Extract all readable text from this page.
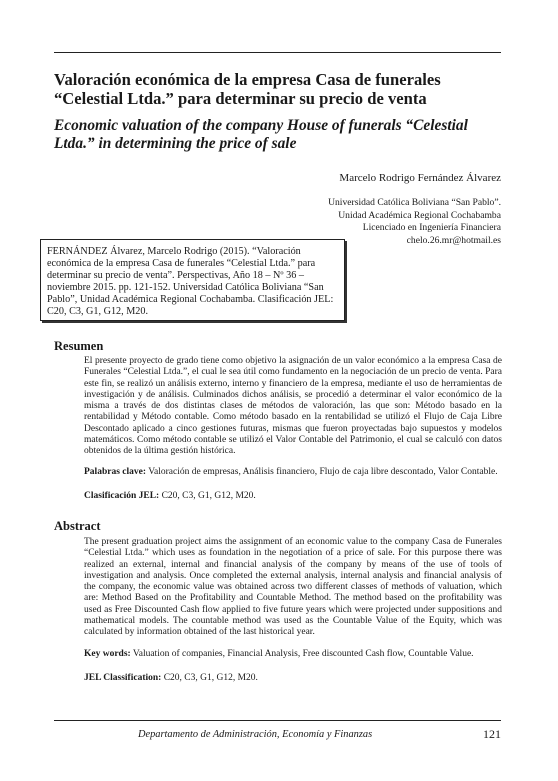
Valoración económica de la empresa Casa de funerales “Celestial Ltda.” para determinar su precio de venta
Economic valuation of the company House of funerals “Celestial Ltda.” in determining the price of sale
Marcelo Rodrigo Fernández Álvarez
Universidad Católica Boliviana “San Pablo”.
Unidad Académica Regional Cochabamba
Licenciado en Ingeniería Financiera
chelo.26.mr@hotmail.es
FERNÁNDEZ Álvarez, Marcelo Rodrigo (2015). “Valoración económica de la empresa Casa de funerales “Celestial Ltda.” para determinar su precio de venta”. Perspectivas, Año 18 – Nº 36 – noviembre 2015. pp. 121-152. Universidad Católica Boliviana “San Pablo”, Unidad Académica Regional Cochabamba. Clasificación JEL: C20, C3, G1, G12, M20.
Resumen
El presente proyecto de grado tiene como objetivo la asignación de un valor económico a la empresa Casa de Funerales “Celestial Ltda.”, el cual le sea útil como fundamento en la negociación de un precio de venta. Para este fin, se realizó un análisis externo, interno y financiero de la empresa, mediante el uso de herramientas de investigación y de análisis. Culminados dichos análisis, se procedió a determinar el valor económico de la misma a través de dos distintas clases de métodos de valoración, las que son: Método basado en la rentabilidad y Método contable. Como método basado en la rentabilidad se utilizó el Flujo de Caja Libre Descontado aplicado a cinco gestiones futuras, mismas que fueron proyectadas bajo supuestos y modelos matemáticos. Como método contable se utilizó el Valor Contable del Patrimonio, el cual se calculó con datos obtenidos de la última gestión histórica.
Palabras clave: Valoración de empresas, Análisis financiero, Flujo de caja libre descontado, Valor Contable.
Clasificación JEL: C20, C3, G1, G12, M20.
Abstract
The present graduation project aims the assignment of an economic value to the company Casa de Funerales “Celestial Ltda.” which uses as foundation in the negotiation of a price of sale. For this purpose there was realized an external, internal and financial analysis of the company by means of the use of tools of investigation and analysis. Once completed the external analysis, internal analysis and financial analysis of the company, the economic value was obtained across two different classes of methods of valuation, which are: Method Based on the Profitability and Countable Method. The method based on the profitability was used as Free Discounted Cash flow applied to five future years which were projected under suppositions and mathematical models. The countable method was used as the Countable Value of the Equity, which was calculated by information obtained of the last historical year.
Key words: Valuation of companies, Financial Analysis, Free discounted Cash flow, Countable Value.
JEL Classification: C20, C3, G1, G12, M20.
Departamento de Administración, Economía y Finanzas	121
